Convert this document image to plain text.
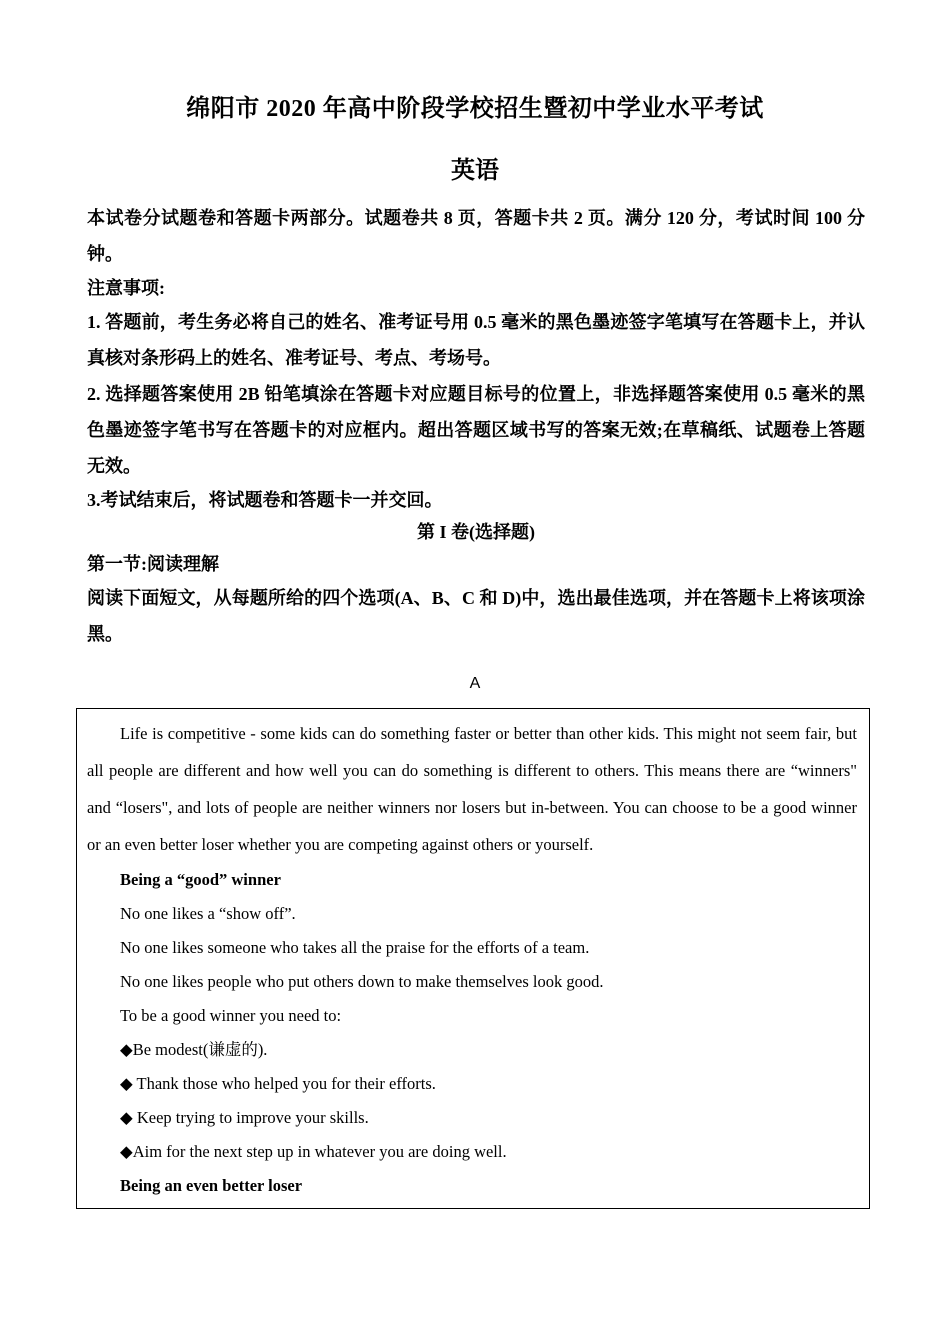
绵阳市 2020 年高中阶段学校招生暨初中学业水平考试
英语

本试卷分试题卷和答题卡两部分。试题卷共 8 页，答题卡共 2 页。满分 120 分，考试时间 100 分钟。

注意事项:

1. 答题前，考生务必将自己的姓名、准考证号用 0.5 毫米的黑色墨迹签字笔填写在答题卡上，并认真核对条形码上的姓名、准考证号、考点、考场号。

2. 选择题答案使用 2B 铅笔填涂在答题卡对应题目标号的位置上，非选择题答案使用 0.5 毫米的黑色墨迹签字笔书写在答题卡的对应框内。超出答题区域书写的答案无效;在草稿纸、试题卷上答题无效。

3.考试结束后，将试题卷和答题卡一并交回。

第 I 卷(选择题)

第一节:阅读理解

阅读下面短文，从每题所给的四个选项(A、B、C 和 D)中，选出最佳选项，并在答题卡上将该项涂黑。

A

Life is competitive - some kids can do something faster or better than other kids. This might not seem fair, but all people are different and how well you can do something is different to others. This means there are “winners" and “losers", and lots of people are neither winners nor losers but in-between. You can choose to be a good winner or an even better loser whether you are competing against others or yourself.

Being a “good” winner

No one likes a “show off”.

No one likes someone who takes all the praise for the efforts of a team.

No one likes people who put others down to make themselves look good.

To be a good winner you need to:

◆Be modest(谦虚的).

◆ Thank those who helped you for their efforts.

◆ Keep trying to improve your skills.

◆Aim for the next step up in whatever you are doing well.

Being an even better loser
